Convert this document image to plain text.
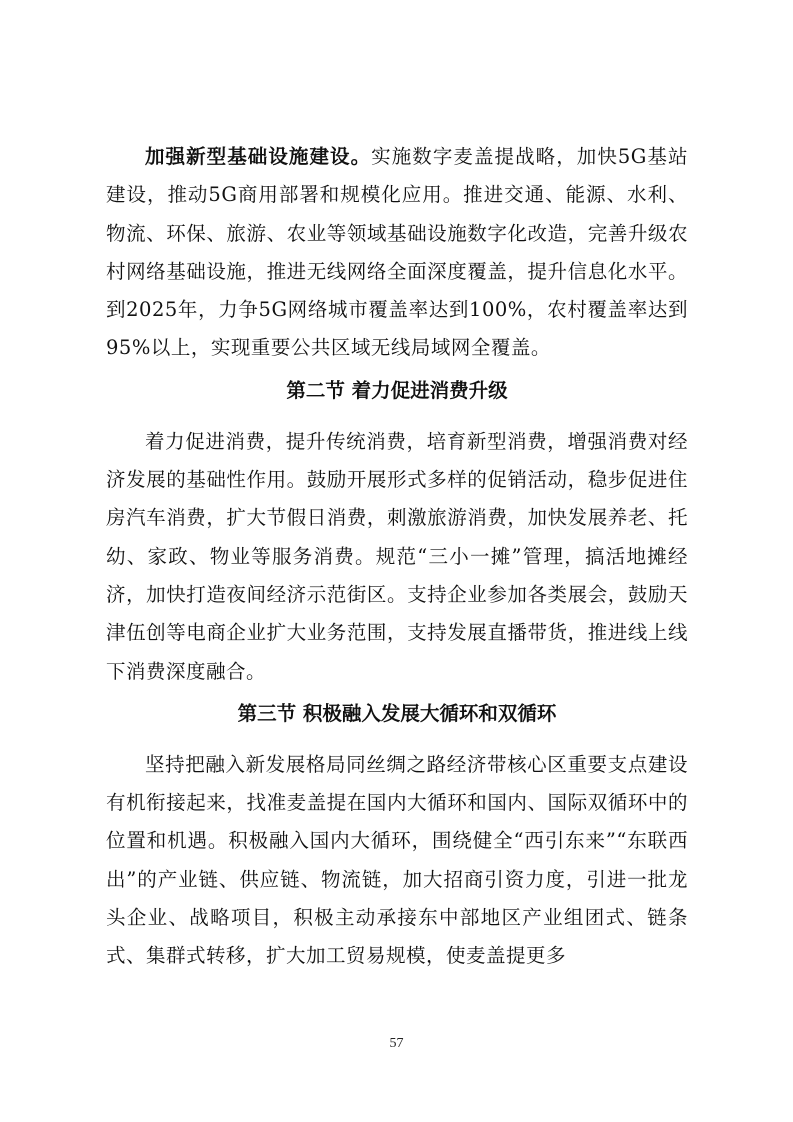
加强新型基础设施建设。实施数字麦盖提战略，加快5G基站建设，推动5G商用部署和规模化应用。推进交通、能源、水利、物流、环保、旅游、农业等领域基础设施数字化改造，完善升级农村网络基础设施，推进无线网络全面深度覆盖，提升信息化水平。到2025年，力争5G网络城市覆盖率达到100%，农村覆盖率达到95%以上，实现重要公共区域无线局域网全覆盖。

第二节 着力促进消费升级

着力促进消费，提升传统消费，培育新型消费，增强消费对经济发展的基础性作用。鼓励开展形式多样的促销活动，稳步促进住房汽车消费，扩大节假日消费，刺激旅游消费，加快发展养老、托幼、家政、物业等服务消费。规范“三小一摊”管理，搞活地摊经济，加快打造夜间经济示范街区。支持企业参加各类展会，鼓励天津伍创等电商企业扩大业务范围，支持发展直播带货，推进线上线下消费深度融合。

第三节 积极融入发展大循环和双循环

坚持把融入新发展格局同丝绸之路经济带核心区重要支点建设有机衔接起来，找准麦盖提在国内大循环和国内、国际双循环中的位置和机遇。积极融入国内大循环，围绕健全“西引东来”“东联西出”的产业链、供应链、物流链，加大招商引资力度，引进一批龙头企业、战略项目，积极主动承接东中部地区产业组团式、链条式、集群式转移，扩大加工贸易规模，使麦盖提更多

57
